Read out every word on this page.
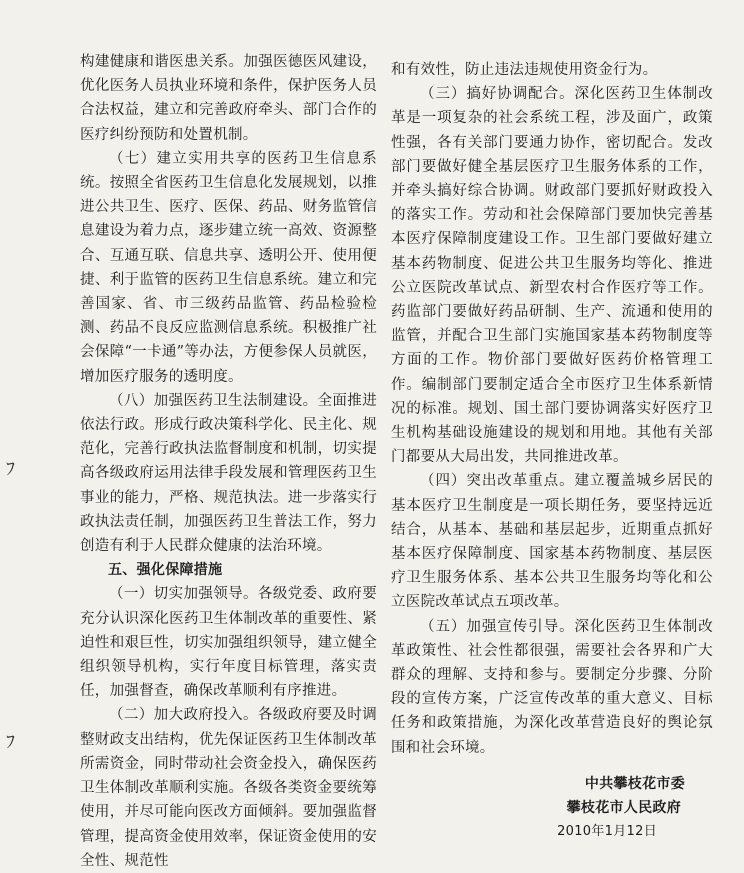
构建健康和谐医患关系。加强医德医风建设，优化医务人员执业环境和条件，保护医务人员合法权益，建立和完善政府牵头、部门合作的医疗纠纷预防和处置机制。

（七）建立实用共享的医药卫生信息系统。按照全省医药卫生信息化发展规划，以推进公共卫生、医疗、医保、药品、财务监管信息建设为着力点，逐步建立统一高效、资源整合、互通互联、信息共享、透明公开、使用便捷、利于监管的医药卫生信息系统。建立和完善国家、省、市三级药品监管、药品检验检测、药品不良反应监测信息系统。积极推广社会保障“一卡通”等办法，方便参保人员就医，增加医疗服务的透明度。

（八）加强医药卫生法制建设。全面推进依法行政。形成行政决策科学化、民主化、规范化，完善行政执法监督制度和机制，切实提高各级政府运用法律手段发展和管理医药卫生事业的能力，严格、规范执法。进一步落实行政执法责任制，加强医药卫生普法工作，努力创造有利于人民群众健康的法治环境。

五、强化保障措施

（一）切实加强领导。各级党委、政府要充分认识深化医药卫生体制改革的重要性、紧迫性和艰巨性，切实加强组织领导，建立健全组织领导机构，实行年度目标管理，落实责任，加强督查，确保改革顺利有序推进。

（二）加大政府投入。各级政府要及时调整财政支出结构，优先保证医药卫生体制改革所需资金，同时带动社会资金投入，确保医药卫生体制改革顺利实施。各级各类资金要统筹使用，并尽可能向医改方面倾斜。要加强监督管理，提高资金使用效率，保证资金使用的安全性、规范性

和有效性，防止违法违规使用资金行为。

（三）搞好协调配合。深化医药卫生体制改革是一项复杂的社会系统工程，涉及面广，政策性强，各有关部门要通力协作，密切配合。发改部门要做好健全基层医疗卫生服务体系的工作，并牵头搞好综合协调。财政部门要抓好财政投入的落实工作。劳动和社会保障部门要加快完善基本医疗保障制度建设工作。卫生部门要做好建立基本药物制度、促进公共卫生服务均等化、推进公立医院改革试点、新型农村合作医疗等工作。药监部门要做好药品研制、生产、流通和使用的监管，并配合卫生部门实施国家基本药物制度等方面的工作。物价部门要做好医药价格管理工作。编制部门要制定适合全市医疗卫生体系新情况的标准。规划、国土部门要协调落实好医疗卫生机构基础设施建设的规划和用地。其他有关部门都要从大局出发，共同推进改革。

（四）突出改革重点。建立覆盖城乡居民的基本医疗卫生制度是一项长期任务，要坚持远近结合，从基本、基础和基层起步，近期重点抓好基本医疗保障制度、国家基本药物制度、基层医疗卫生服务体系、基本公共卫生服务均等化和公立医院改革试点五项改革。

（五）加强宣传引导。深化医药卫生体制改革政策性、社会性都很强，需要社会各界和广大群众的理解、支持和参与。要制定分步骤、分阶段的宣传方案，广泛宣传改革的重大意义、目标任务和政策措施，为深化改革营造良好的舆论氛围和社会环境。

中共攀枝花市委

攀枝花市人民政府

2010年1月12日

ﾌ
ﾌ
